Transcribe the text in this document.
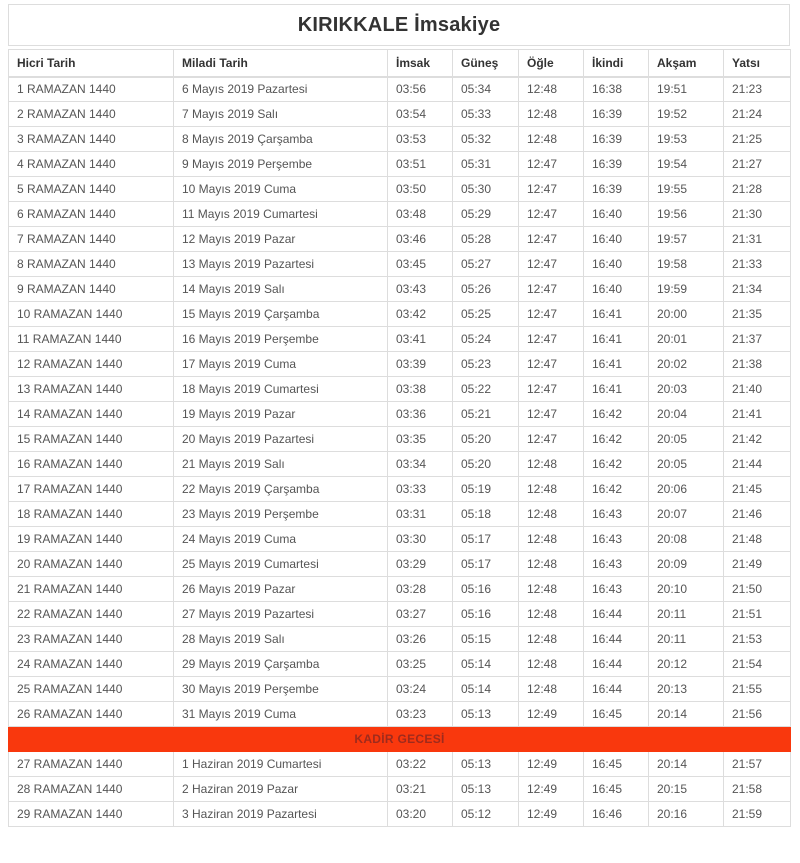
KIRIKKALE İmsakiye
Hicri Tarih	Miladi Tarih	İmsak	Güneş	Öğle	İkindi	Akşam	Yatsı
1 RAMAZAN 1440	6 Mayıs 2019 Pazartesi	03:56	05:34	12:48	16:38	19:51	21:23
2 RAMAZAN 1440	7 Mayıs 2019 Salı	03:54	05:33	12:48	16:39	19:52	21:24
3 RAMAZAN 1440	8 Mayıs 2019 Çarşamba	03:53	05:32	12:48	16:39	19:53	21:25
4 RAMAZAN 1440	9 Mayıs 2019 Perşembe	03:51	05:31	12:47	16:39	19:54	21:27
5 RAMAZAN 1440	10 Mayıs 2019 Cuma	03:50	05:30	12:47	16:39	19:55	21:28
6 RAMAZAN 1440	11 Mayıs 2019 Cumartesi	03:48	05:29	12:47	16:40	19:56	21:30
7 RAMAZAN 1440	12 Mayıs 2019 Pazar	03:46	05:28	12:47	16:40	19:57	21:31
8 RAMAZAN 1440	13 Mayıs 2019 Pazartesi	03:45	05:27	12:47	16:40	19:58	21:33
9 RAMAZAN 1440	14 Mayıs 2019 Salı	03:43	05:26	12:47	16:40	19:59	21:34
10 RAMAZAN 1440	15 Mayıs 2019 Çarşamba	03:42	05:25	12:47	16:41	20:00	21:35
11 RAMAZAN 1440	16 Mayıs 2019 Perşembe	03:41	05:24	12:47	16:41	20:01	21:37
12 RAMAZAN 1440	17 Mayıs 2019 Cuma	03:39	05:23	12:47	16:41	20:02	21:38
13 RAMAZAN 1440	18 Mayıs 2019 Cumartesi	03:38	05:22	12:47	16:41	20:03	21:40
14 RAMAZAN 1440	19 Mayıs 2019 Pazar	03:36	05:21	12:47	16:42	20:04	21:41
15 RAMAZAN 1440	20 Mayıs 2019 Pazartesi	03:35	05:20	12:47	16:42	20:05	21:42
16 RAMAZAN 1440	21 Mayıs 2019 Salı	03:34	05:20	12:48	16:42	20:05	21:44
17 RAMAZAN 1440	22 Mayıs 2019 Çarşamba	03:33	05:19	12:48	16:42	20:06	21:45
18 RAMAZAN 1440	23 Mayıs 2019 Perşembe	03:31	05:18	12:48	16:43	20:07	21:46
19 RAMAZAN 1440	24 Mayıs 2019 Cuma	03:30	05:17	12:48	16:43	20:08	21:48
20 RAMAZAN 1440	25 Mayıs 2019 Cumartesi	03:29	05:17	12:48	16:43	20:09	21:49
21 RAMAZAN 1440	26 Mayıs 2019 Pazar	03:28	05:16	12:48	16:43	20:10	21:50
22 RAMAZAN 1440	27 Mayıs 2019 Pazartesi	03:27	05:16	12:48	16:44	20:11	21:51
23 RAMAZAN 1440	28 Mayıs 2019 Salı	03:26	05:15	12:48	16:44	20:11	21:53
24 RAMAZAN 1440	29 Mayıs 2019 Çarşamba	03:25	05:14	12:48	16:44	20:12	21:54
25 RAMAZAN 1440	30 Mayıs 2019 Perşembe	03:24	05:14	12:48	16:44	20:13	21:55
26 RAMAZAN 1440	31 Mayıs 2019 Cuma	03:23	05:13	12:49	16:45	20:14	21:56
KADİR GECESİ							
27 RAMAZAN 1440	1 Haziran 2019 Cumartesi	03:22	05:13	12:49	16:45	20:14	21:57
28 RAMAZAN 1440	2 Haziran 2019 Pazar	03:21	05:13	12:49	16:45	20:15	21:58
29 RAMAZAN 1440	3 Haziran 2019 Pazartesi	03:20	05:12	12:49	16:46	20:16	21:59
